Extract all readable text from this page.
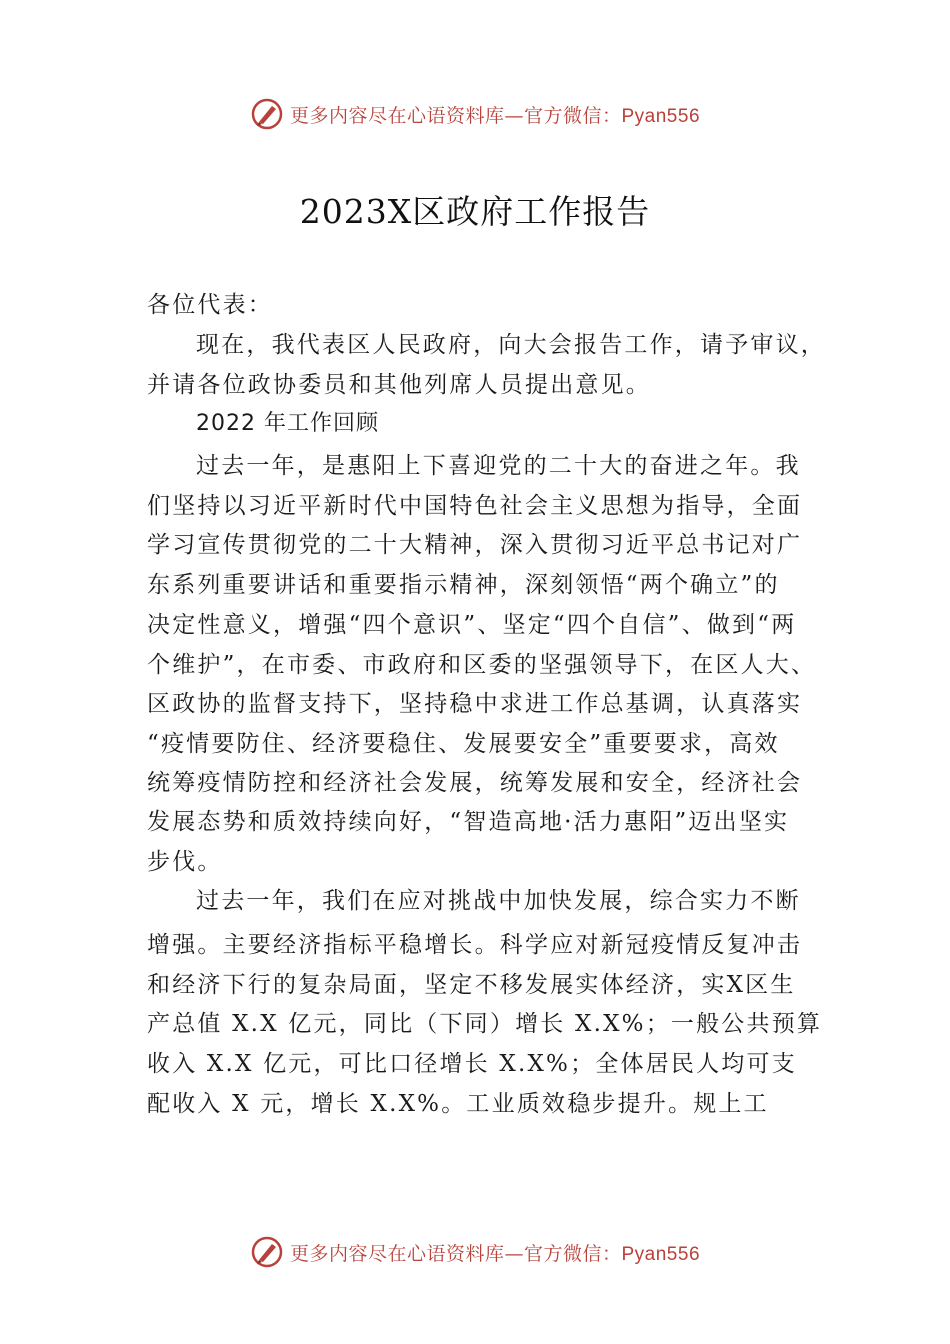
更多内容尽在心语资料库—官方微信：Pyan556
2023X区政府工作报告
各位代表：
现在，我代表区人民政府，向大会报告工作，请予审议，
并请各位政协委员和其他列席人员提出意见。
2022 年工作回顾
过去一年，是惠阳上下喜迎党的二十大的奋进之年。我
们坚持以习近平新时代中国特色社会主义思想为指导，全面
学习宣传贯彻党的二十大精神，深入贯彻习近平总书记对广
东系列重要讲话和重要指示精神，深刻领悟“两个确立”的
决定性意义，增强“四个意识”、坚定“四个自信”、做到“两
个维护”，在市委、市政府和区委的坚强领导下，在区人大、
区政协的监督支持下，坚持稳中求进工作总基调，认真落实
“疫情要防住、经济要稳住、发展要安全”重要要求，高效
统筹疫情防控和经济社会发展，统筹发展和安全，经济社会
发展态势和质效持续向好，“智造高地·活力惠阳”迈出坚实
步伐。
过去一年，我们在应对挑战中加快发展，综合实力不断
增强。主要经济指标平稳增长。科学应对新冠疫情反复冲击
和经济下行的复杂局面，坚定不移发展实体经济，实X区生
产总值 X.X 亿元，同比（下同）增长 X.X%；一般公共预算
收入 X.X 亿元，可比口径增长 X.X%；全体居民人均可支
配收入 X 元，增长 X.X%。工业质效稳步提升。规上工
更多内容尽在心语资料库—官方微信：Pyan556
